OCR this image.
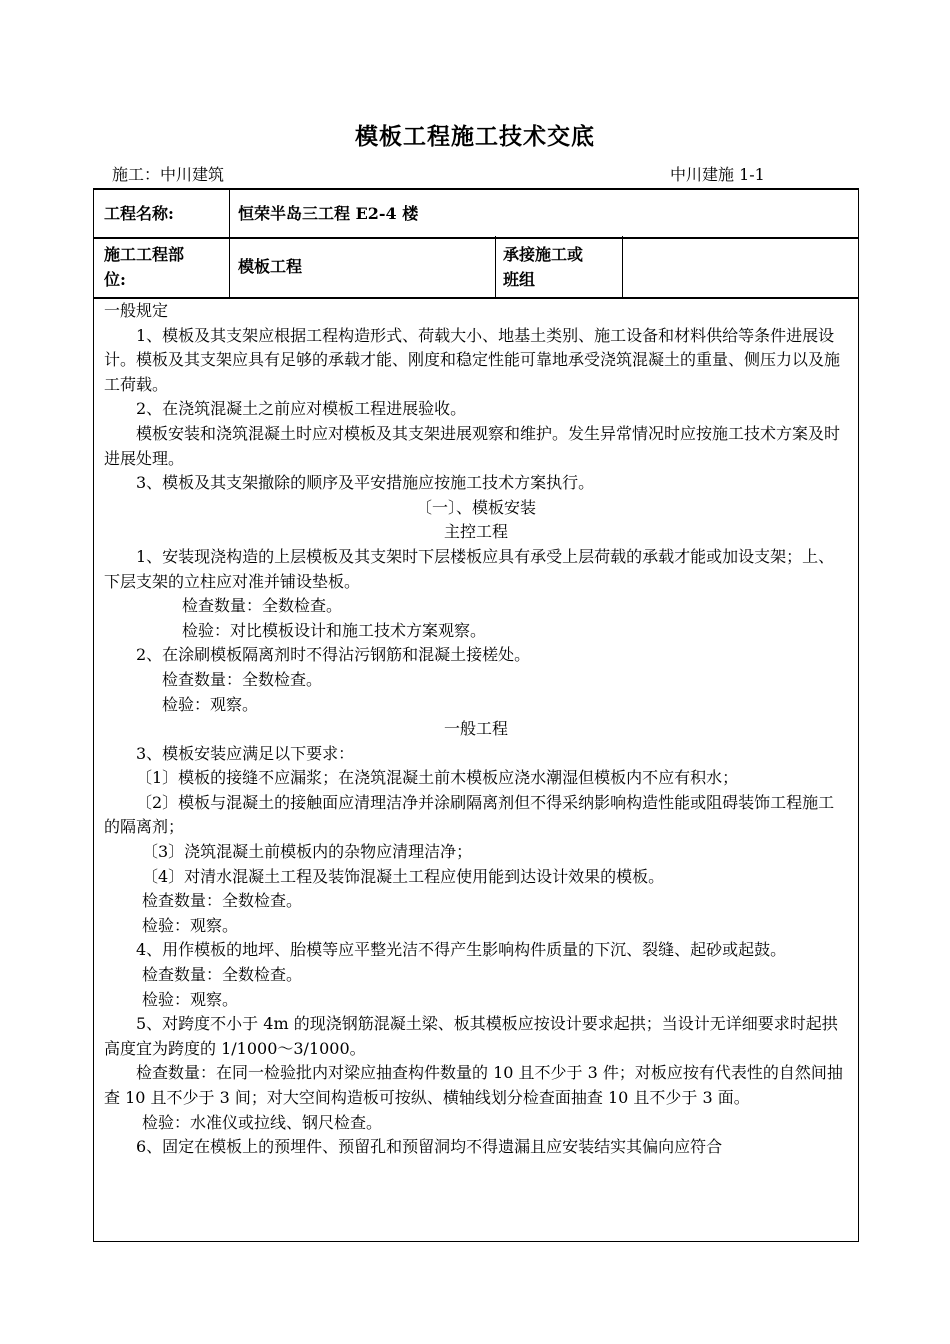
模板工程施工技术交底
施工：中川建筑	中川建施 1-1
工程名称:	恒荣半岛三工程 E2-4 楼
施工工程部
位:
模板工程
承接施工或
班组

一般规定

1、模板及其支架应根据工程构造形式、荷载大小、地基土类别、施工设备和材料供给等条件进展设计。模板及其支架应具有足够的承载才能、刚度和稳定性能可靠地承受浇筑混凝土的重量、侧压力以及施工荷载。

2、在浇筑混凝土之前应对模板工程进展验收。

模板安装和浇筑混凝土时应对模板及其支架进展观察和维护。发生异常情况时应按施工技术方案及时进展处理。

3、模板及其支架撤除的顺序及平安措施应按施工技术方案执行。

〔一〕、模板安装

主控工程

1、安装现浇构造的上层模板及其支架时下层楼板应具有承受上层荷载的承载才能或加设支架；上、下层支架的立柱应对准并铺设垫板。

检查数量：全数检查。

检验：对比模板设计和施工技术方案观察。

2、在涂刷模板隔离剂时不得沾污钢筋和混凝土接槎处。

检查数量：全数检查。

检验：观察。

一般工程

3、模板安装应满足以下要求：

〔1〕模板的接缝不应漏浆；在浇筑混凝土前木模板应浇水潮湿但模板内不应有积水；

〔2〕模板与混凝土的接触面应清理洁净并涂刷隔离剂但不得采纳影响构造性能或阻碍装饰工程施工的隔离剂；

〔3〕浇筑混凝土前模板内的杂物应清理洁净；

〔4〕对清水混凝土工程及装饰混凝土工程应使用能到达设计效果的模板。

检查数量：全数检查。

检验：观察。

4、用作模板的地坪、胎模等应平整光洁不得产生影响构件质量的下沉、裂缝、起砂或起鼓。

检查数量：全数检查。

检验：观察。

5、对跨度不小于 4m 的现浇钢筋混凝土梁、板其模板应按设计要求起拱；当设计无详细要求时起拱高度宜为跨度的 1/1000～3/1000。

检查数量：在同一检验批内对梁应抽查构件数量的 10 且不少于 3 件；对板应按有代表性的自然间抽查 10 且不少于 3 间；对大空间构造板可按纵、横轴线划分检查面抽查 10 且不少于 3 面。

检验：水准仪或拉线、钢尺检查。

6、固定在模板上的预埋件、预留孔和预留洞均不得遗漏且应安装结实其偏向应符合
